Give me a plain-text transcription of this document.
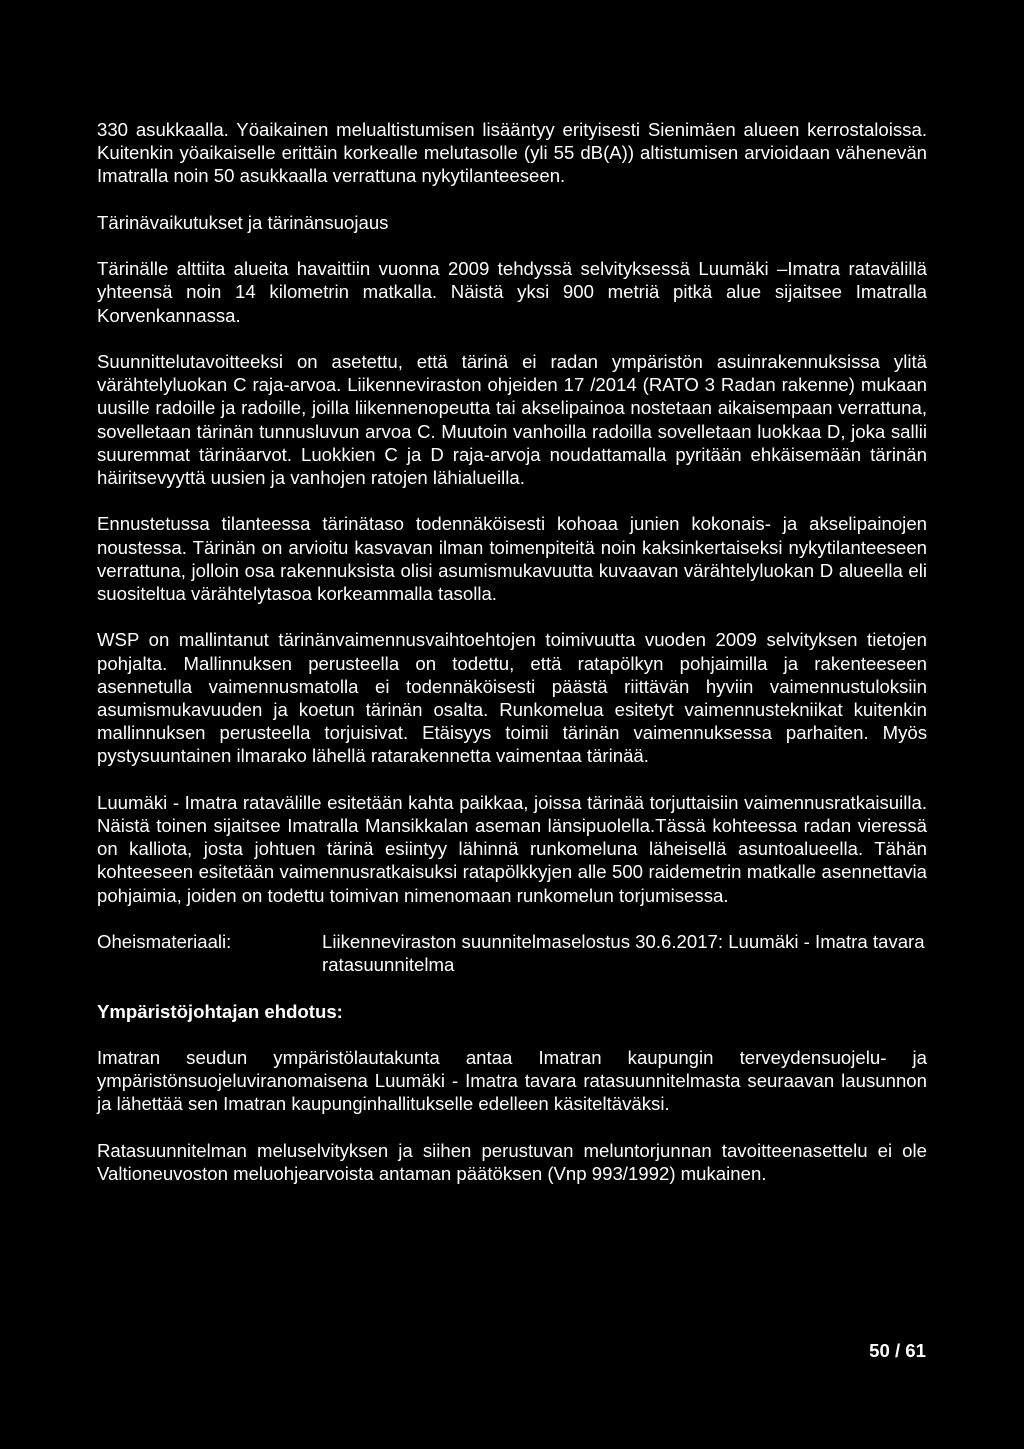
330 asukkaalla. Yöaikainen melualtistumisen lisääntyy erityisesti Sienimäen alueen kerrostaloissa. Kuitenkin yöaikaiselle erittäin korkealle melutasolle (yli 55 dB(A)) altistumisen arvioidaan vähenevän Imatralla noin 50 asukkaalla verrattuna nykytilanteeseen.

Tärinävaikutukset ja tärinänsuojaus

Tärinälle alttiita alueita havaittiin vuonna 2009 tehdyssä selvityksessä Luumäki –Imatra ratavälillä yhteensä noin 14 kilometrin matkalla. Näistä yksi 900 metriä pitkä alue sijaitsee Imatralla Korvenkannassa.

Suunnittelutavoitteeksi on asetettu, että tärinä ei radan ympäristön asuinrakennuksissa ylitä värähtelyluokan C raja-arvoa. Liikenneviraston ohjeiden 17 /2014 (RATO 3 Radan rakenne) mukaan uusille radoille ja radoille, joilla liikennenopeutta tai akselipainoa nostetaan aikaisempaan verrattuna, sovelletaan tärinän tunnusluvun arvoa C. Muutoin vanhoilla radoilla sovelletaan luokkaa D, joka sallii suuremmat tärinäarvot. Luokkien C ja D raja-arvoja noudattamalla pyritään ehkäisemään tärinän häiritsevyyttä uusien ja vanhojen ratojen lähialueilla.

Ennustetussa tilanteessa tärinätaso todennäköisesti kohoaa junien kokonais- ja akselipainojen noustessa. Tärinän on arvioitu kasvavan ilman toimenpiteitä noin kaksinkertaiseksi nykytilanteeseen verrattuna, jolloin osa rakennuksista olisi asumismukavuutta kuvaavan värähtelyluokan D alueella eli suositeltua värähtelytasoa korkeammalla tasolla.

WSP on mallintanut tärinänvaimennusvaihtoehtojen toimivuutta vuoden 2009 selvityksen tietojen pohjalta. Mallinnuksen perusteella on todettu, että ratapölkyn pohjaimilla ja rakenteeseen asennetulla vaimennusmatolla ei todennäköisesti päästä riittävän hyviin vaimennustuloksiin asumismukavuuden ja koetun tärinän osalta. Runkomelua esitetyt vaimennustekniikat kuitenkin mallinnuksen perusteella torjuisivat. Etäisyys toimii tärinän vaimennuksessa parhaiten. Myös pystysuuntainen ilmarako lähellä ratarakennetta vaimentaa tärinää.

Luumäki - Imatra ratavälille esitetään kahta paikkaa, joissa tärinää torjuttaisiin vaimennusratkaisuilla. Näistä toinen sijaitsee Imatralla Mansikkalan aseman länsipuolella.Tässä kohteessa radan vieressä on kalliota, josta johtuen tärinä esiintyy lähinnä runkomeluna läheisellä asuntoalueella. Tähän kohteeseen esitetään vaimennusratkaisuksi ratapölkkyjen alle 500 raidemetrin matkalle asennettavia pohjaimia, joiden on todettu toimivan nimenomaan runkomelun torjumisessa.

Oheismateriaali:	Liikenneviraston suunnitelmaselostus 30.6.2017: Luumäki - Imatra tavara ratasuunnitelma
Ympäristöjohtajan ehdotus:

Imatran seudun ympäristölautakunta antaa Imatran kaupungin terveydensuojelu- ja ympäristönsuojeluviranomaisena Luumäki - Imatra tavara ratasuunnitelmasta seuraavan lausunnon ja lähettää sen Imatran kaupunginhallitukselle edelleen käsiteltäväksi.

Ratasuunnitelman meluselvityksen ja siihen perustuvan meluntorjunnan tavoitteenasettelu ei ole Valtioneuvoston meluohjearvoista antaman päätöksen (Vnp 993/1992) mukainen.

50 / 61
